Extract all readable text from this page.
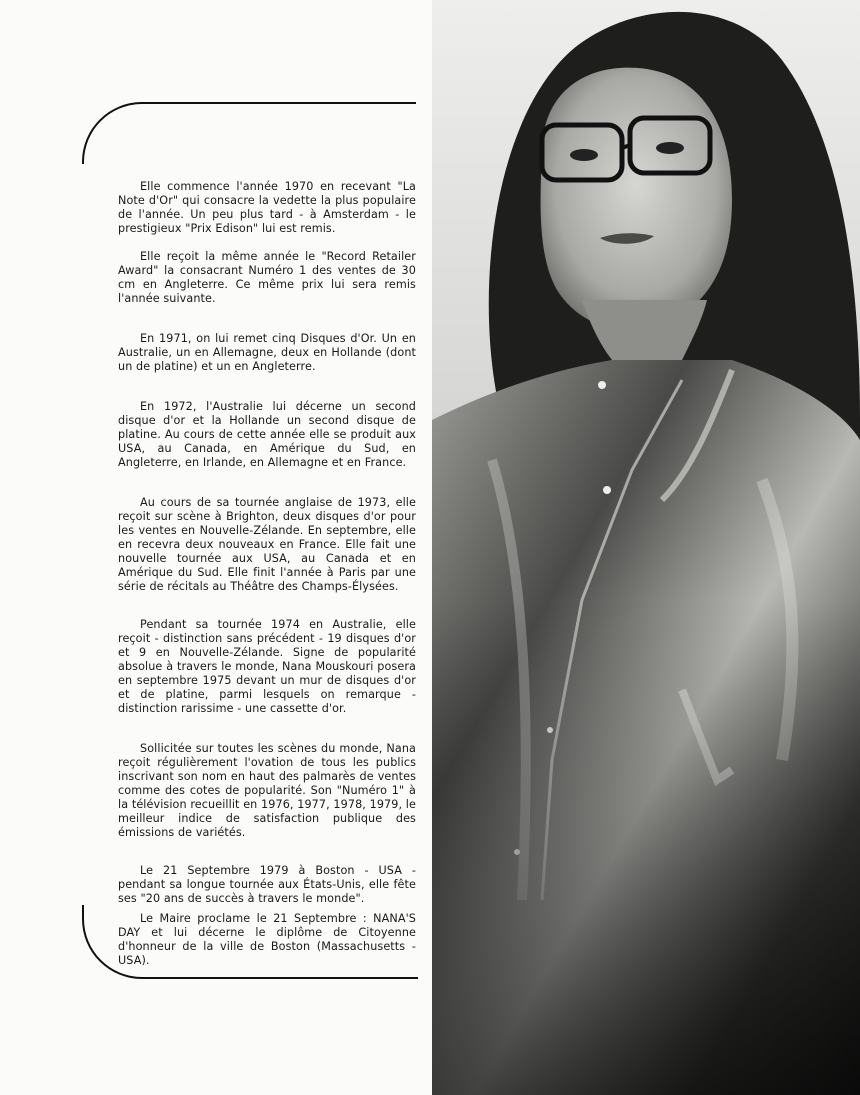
Elle commence l'année 1970 en recevant "La Note d'Or" qui consacre la vedette la plus populaire de l'année. Un peu plus tard - à Amsterdam - le prestigieux "Prix Edison" lui est remis.

Elle reçoit la même année le "Record Retailer Award" la consacrant Numéro 1 des ventes de 30 cm en Angleterre. Ce même prix lui sera remis l'année suivante.

En 1971, on lui remet cinq Disques d'Or. Un en Australie, un en Allemagne, deux en Hollande (dont un de platine) et un en Angleterre.

En 1972, l'Australie lui décerne un second disque d'or et la Hollande un second disque de platine. Au cours de cette année elle se produit aux USA, au Canada, en Amérique du Sud, en Angleterre, en Irlande, en Allemagne et en France.

Au cours de sa tournée anglaise de 1973, elle reçoit sur scène à Brighton, deux disques d'or pour les ventes en Nouvelle-Zélande. En septembre, elle en recevra deux nouveaux en France. Elle fait une nouvelle tournée aux USA, au Canada et en Amérique du Sud. Elle finit l'année à Paris par une série de récitals au Théâtre des Champs-Élysées.

Pendant sa tournée 1974 en Australie, elle reçoit - distinction sans précédent - 19 disques d'or et 9 en Nouvelle-Zélande. Signe de popularité absolue à travers le monde, Nana Mouskouri posera en septembre 1975 devant un mur de disques d'or et de platine, parmi lesquels on remarque - distinction rarissime - une cassette d'or.

Sollicitée sur toutes les scènes du monde, Nana reçoit régulièrement l'ovation de tous les publics inscrivant son nom en haut des palmarès de ventes comme des cotes de popularité. Son "Numéro 1" à la télévision recueillit en 1976, 1977, 1978, 1979, le meilleur indice de satisfaction publique des émissions de variétés.

Le 21 Septembre 1979 à Boston - USA - pendant sa longue tournée aux États-Unis, elle fête ses "20 ans de succès à travers le monde".

Le Maire proclame le 21 Septembre : NANA'S DAY et lui décerne le diplôme de Citoyenne d'honneur de la ville de Boston (Massachusetts - USA).
